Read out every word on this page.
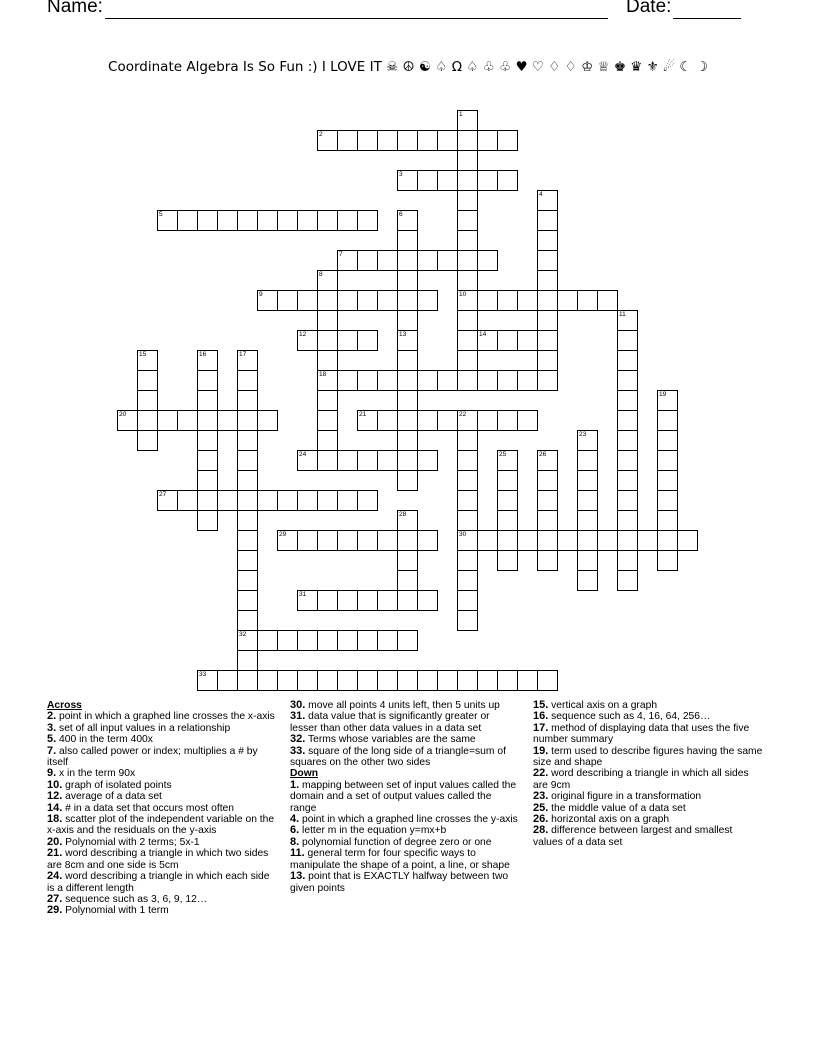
Name:	Date:
Coordinate Algebra Is So Fun :) I LOVE IT ☠ ☮ ☯ ♤ Ω ♤ ♧ ♧ ♥ ♡ ♢ ♢ ♔ ♕ ♚ ♛ ⚜ ☄ ☾ ☽
1
2
3
4
5	6
7
8
9	10
11
12	13	14
15	16	17
18
19
20	21	22
23
24	25	26
27
28
29	30
31
32
33
Across
2. point in which a graphed line crosses the x-axis
3. set of all input values in a relationship
5. 400 in the term 400x
7. also called power or index; multiplies a # by itself
9. x in the term 90x
10. graph of isolated points
12. average of a data set
14. # in a data set that occurs most often
18. scatter plot of the independent variable on the x-axis and the residuals on the y-axis
20. Polynomial with 2 terms; 5x-1
21. word describing a triangle in which two sides are 8cm and one side is 5cm
24. word describing a triangle in which each side is a different length
27. sequence such as 3, 6, 9, 12…
29. Polynomial with 1 term
30. move all points 4 units left, then 5 units up
31. data value that is significantly greater or lesser than other data values in a data set
32. Terms whose variables are the same
33. square of the long side of a triangle=sum of squares on the other two sides
Down
1. mapping between set of input values called the domain and a set of output values called the range
4. point in which a graphed line crosses the y-axis
6. letter m in the equation y=mx+b
8. polynomial function of degree zero or one
11. general term for four specific ways to manipulate the shape of a point, a line, or shape
13. point that is EXACTLY halfway between two given points
15. vertical axis on a graph
16. sequence such as 4, 16, 64, 256…
17. method of displaying data that uses the five number summary
19. term used to describe figures having the same size and shape
22. word describing a triangle in which all sides are 9cm
23. original figure in a transformation
25. the middle value of a data set
26. horizontal axis on a graph
28. difference between largest and smallest values of a data set
